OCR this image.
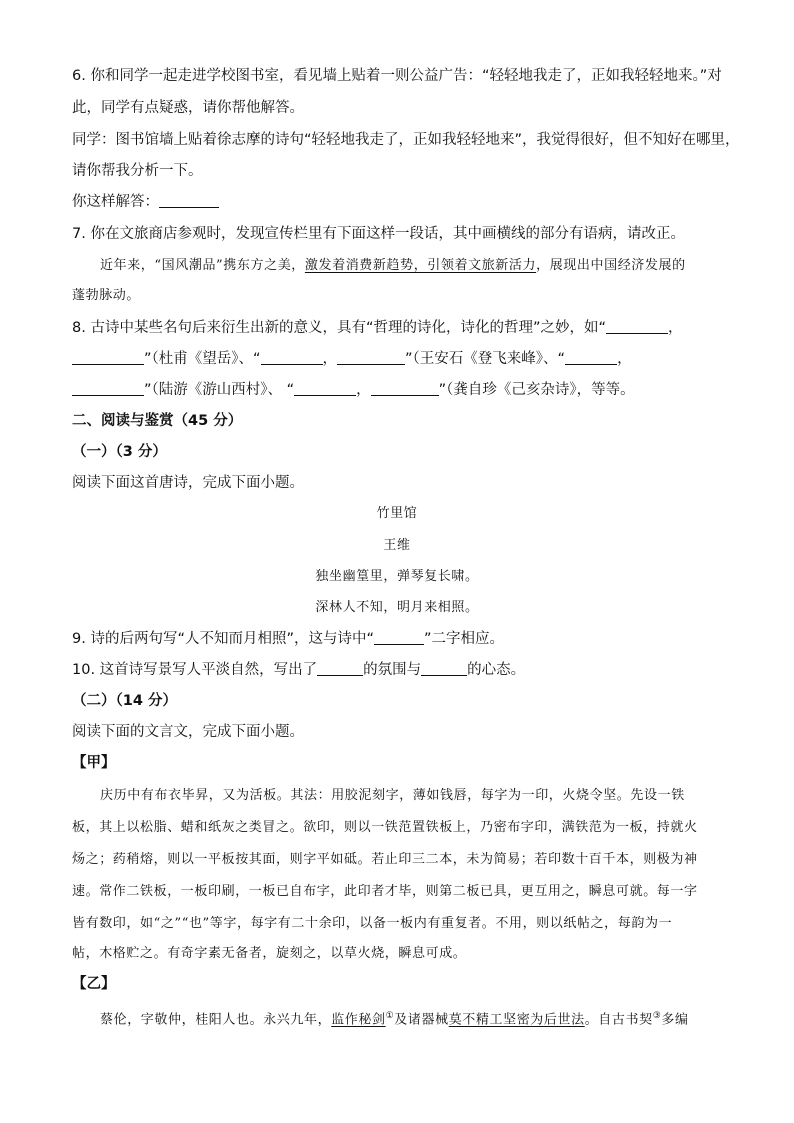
6. 你和同学一起走进学校图书室，看见墙上贴着一则公益广告：“轻轻地我走了，正如我轻轻地来。”对
此，同学有点疑惑，请你帮他解答。
同学：图书馆墙上贴着徐志摩的诗句“轻轻地我走了，正如我轻轻地来”，我觉得很好，但不知好在哪里，
请你帮我分析一下。
你这样解答：
7. 你在文旅商店参观时，发现宣传栏里有下面这样一段话，其中画横线的部分有语病，请改正。
近年来，“国风潮品”携东方之美，激发着消费新趋势，引领着文旅新活力，展现出中国经济发展的
蓬勃脉动。
8. 古诗中某些名句后来衍生出新的意义，具有“哲理的诗化，诗化的哲理”之妙，如“	，
”（杜甫《望岳》、“	，	”（王安石《登飞来峰》、“	，
”（陆游《游山西村》、 “	，	”（龚自珍《己亥杂诗》，等等。
二、阅读与鉴赏（45 分）
（一）（3 分）
阅读下面这首唐诗，完成下面小题。
竹里馆
王维
独坐幽篁里，弹琴复长啸。
深林人不知，明月来相照。
9. 诗的后两句写“人不知而月相照”，这与诗中“	”二字相应。
10. 这首诗写景写人平淡自然，写出了	的氛围与	的心态。
（二）（14 分）
阅读下面的文言文，完成下面小题。
【甲】
庆历中有布衣毕昇，又为活板。其法：用胶泥刻字，薄如钱唇，每字为一印，火烧令坚。先设一铁
板，其上以松脂、蜡和纸灰之类冒之。欲印，则以一铁范置铁板上，乃密布字印，满铁范为一板，持就火
炀之；药稍熔，则以一平板按其面，则字平如砥。若止印三二本，未为简易；若印数十百千本，则极为神
速。常作二铁板，一板印刷，一板已自布字，此印者才毕，则第二板已具，更互用之，瞬息可就。每一字
皆有数印，如“之”“也”等字，每字有二十余印，以备一板内有重复者。不用，则以纸帖之，每韵为一
帖，木格贮之。有奇字素无备者，旋刻之，以草火烧，瞬息可成。
【乙】
蔡伦，字敬仲，桂阳人也。永兴九年，监作秘剑①及诸器械莫不精工坚密为后世法。自古书契③多编
